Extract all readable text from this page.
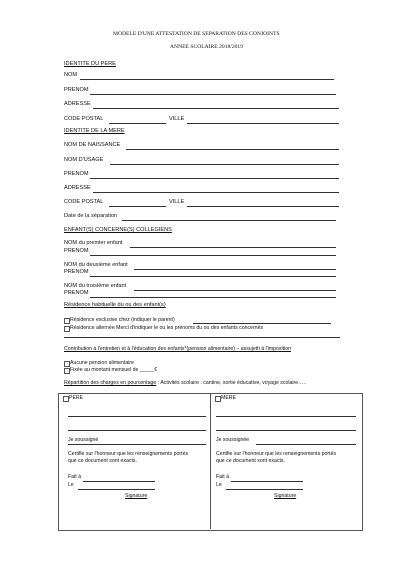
MODELE D'UNE ATTESTATION DE SEPARATION DES CONJOINTS
ANNEE SCOLAIRE 2018/2019
IDENTITE DU PERE
NOM
PRENOM
ADRESSE
CODE POSTAL	VILLE
IDENTITE DE LA MERE
NOM DE NAISSANCE
NOM D'USAGE
PRENOM
ADRESSE
CODE POSTAL	VILLE
Date de la séparation
ENFANT(S) CONCERNE(S) COLLEGIENS
NOM du premier enfant
PRENOM
NOM du deuxième enfant
PRENOM
NOM du troisième enfant
PRENOM
Résidence habituelle du ou des enfant(s)
Résidence exclusive chez (indiquer le parent)
Résidence alternée Merci d'indiquer le ou les prénoms du ou des enfants concernés
Contribution à l'entretien et à l'éducation des enfants*(pension alimentaire) – assujetti à l'imposition
Aucune pension alimentaire
Fixée au montant mensuel de _____€
Répartition des charges en pourcentage : Activités scolaire : cantine, sortie éducative, voyage scolaire…..
PERE
Je soussigné
Certifie sur l'honneur que les renseignements portés
que ce document sont exacts.
Fait à
Le
Signature
MERE
Je soussignée
Certifie sur l'honneur que les renseignements portés
que ce document sont exacts.
Fait à
Le
Signature
